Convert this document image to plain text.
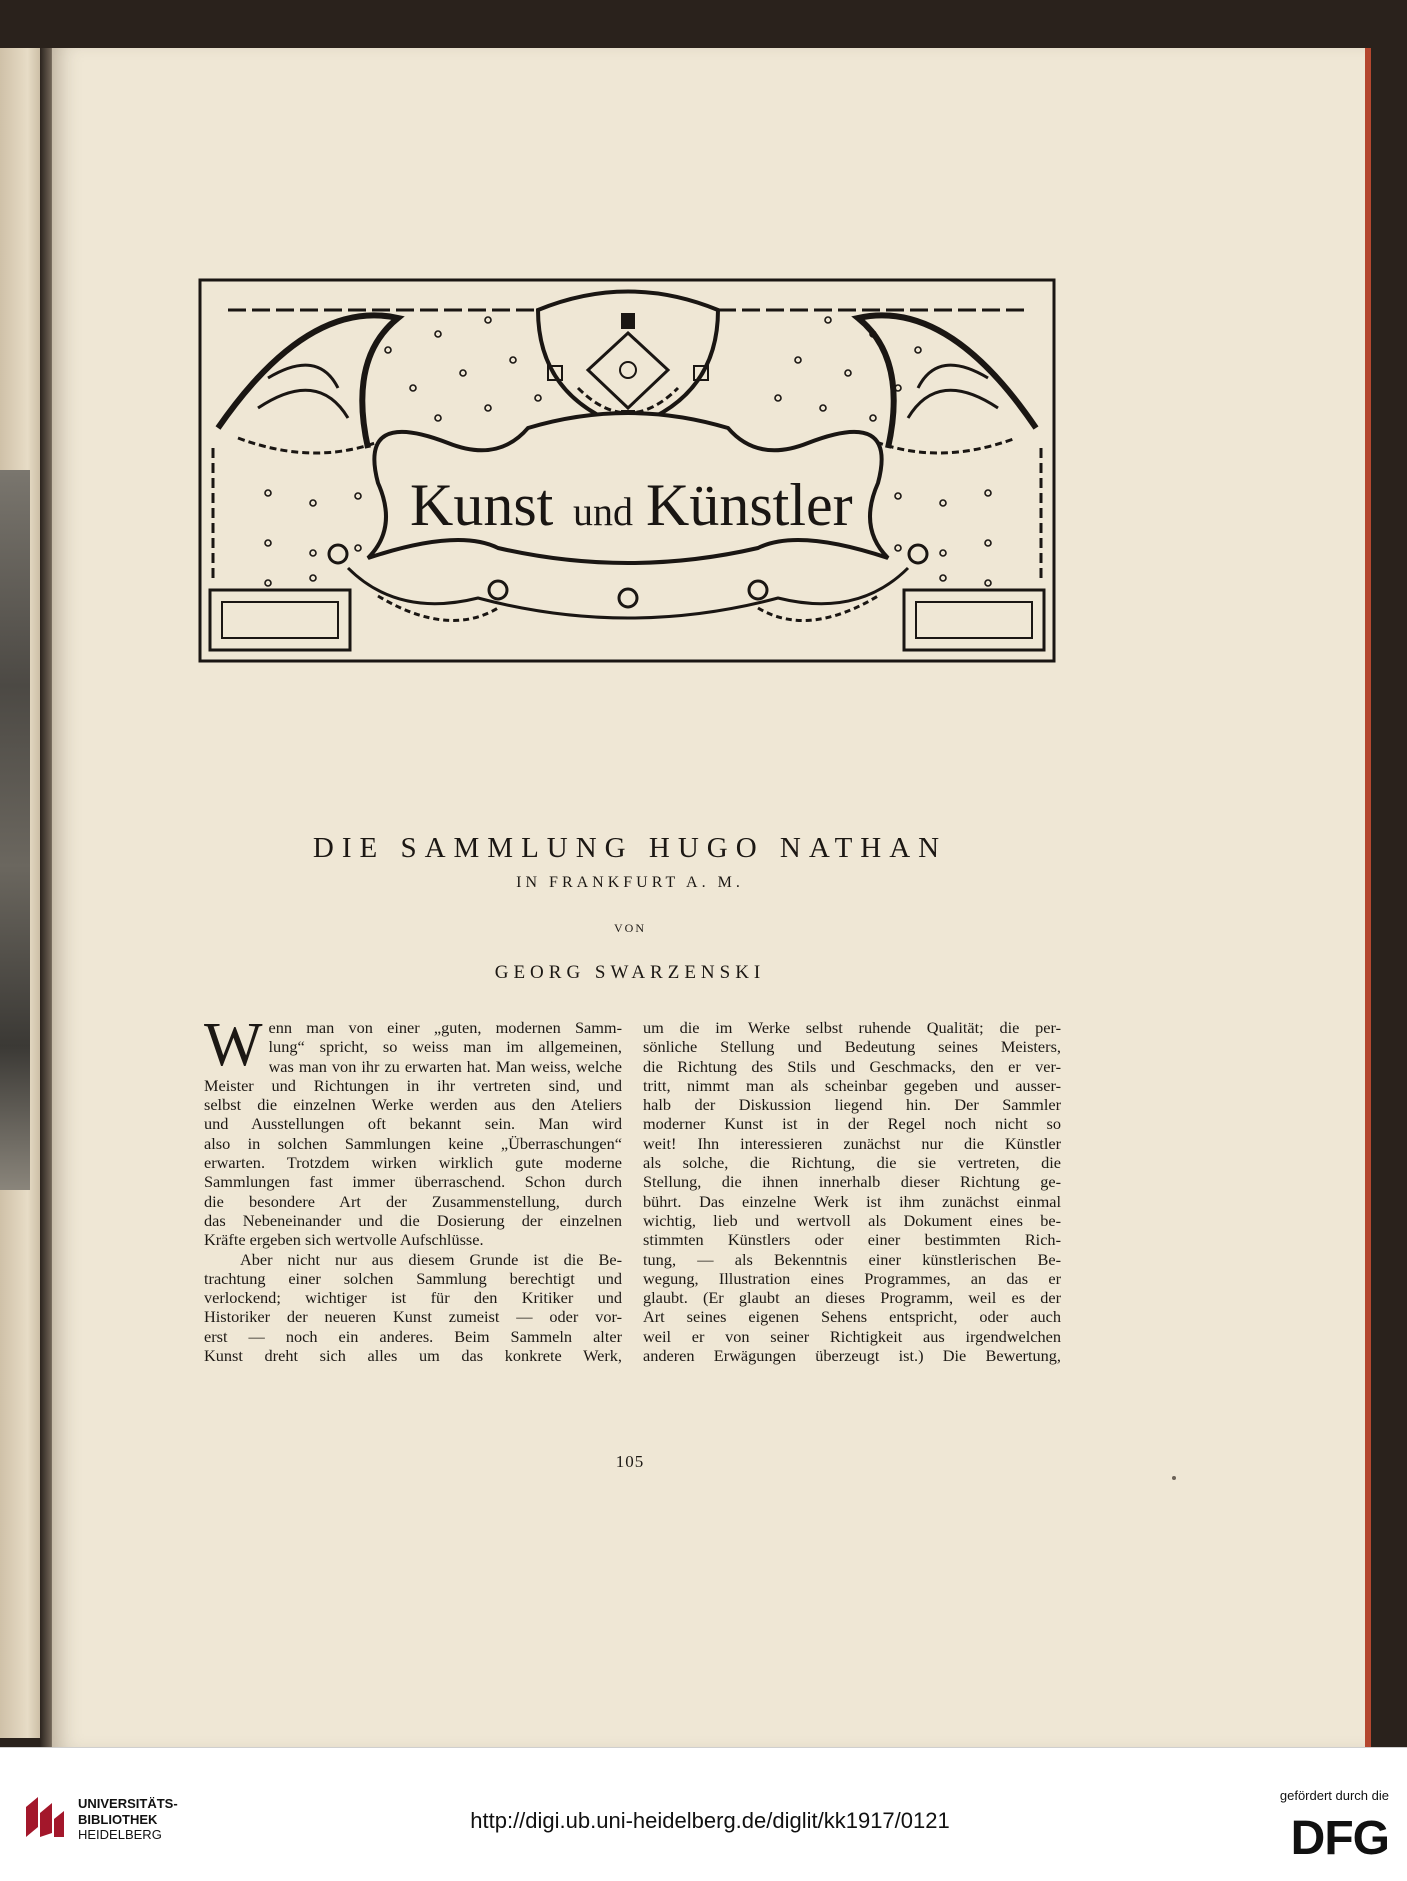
Kunst und Künstler
DIE SAMMLUNG HUGO NATHAN
IN FRANKFURT A. M.
VON
GEORG SWARZENSKI
W enn man von einer „guten, modernen Samm-
lung“ spricht, so weiss man im allgemeinen,
was man von ihr zu erwarten hat. Man weiss, welche
Meister und Richtungen in ihr vertreten sind, und
selbst die einzelnen Werke werden aus den Ateliers
und Ausstellungen oft bekannt sein. Man wird
also in solchen Sammlungen keine „Überraschungen“
erwarten. Trotzdem wirken wirklich gute moderne
Sammlungen fast immer überraschend. Schon durch
die besondere Art der Zusammenstellung, durch
das Nebeneinander und die Dosierung der einzelnen
Kräfte ergeben sich wertvolle Aufschlüsse.
Aber nicht nur aus diesem Grunde ist die Be-
trachtung einer solchen Sammlung berechtigt und
verlockend; wichtiger ist für den Kritiker und
Historiker der neueren Kunst zumeist — oder vor-
erst — noch ein anderes. Beim Sammeln alter
Kunst dreht sich alles um das konkrete Werk,
um die im Werke selbst ruhende Qualität; die per-
sönliche Stellung und Bedeutung seines Meisters,
die Richtung des Stils und Geschmacks, den er ver-
tritt, nimmt man als scheinbar gegeben und ausser-
halb der Diskussion liegend hin. Der Sammler
moderner Kunst ist in der Regel noch nicht so
weit! Ihn interessieren zunächst nur die Künstler
als solche, die Richtung, die sie vertreten, die
Stellung, die ihnen innerhalb dieser Richtung ge-
bührt. Das einzelne Werk ist ihm zunächst einmal
wichtig, lieb und wertvoll als Dokument eines be-
stimmten Künstlers oder einer bestimmten Rich-
tung, — als Bekenntnis einer künstlerischen Be-
wegung, Illustration eines Programmes, an das er
glaubt. (Er glaubt an dieses Programm, weil es der
Art seines eigenen Sehens entspricht, oder auch
weil er von seiner Richtigkeit aus irgendwelchen
anderen Erwägungen überzeugt ist.) Die Bewertung,
105
UNIVERSITÄTS-
BIBLIOTHEK
HEIDELBERG
http://digi.ub.uni-heidelberg.de/diglit/kk1917/0121
gefördert durch die
DFG
